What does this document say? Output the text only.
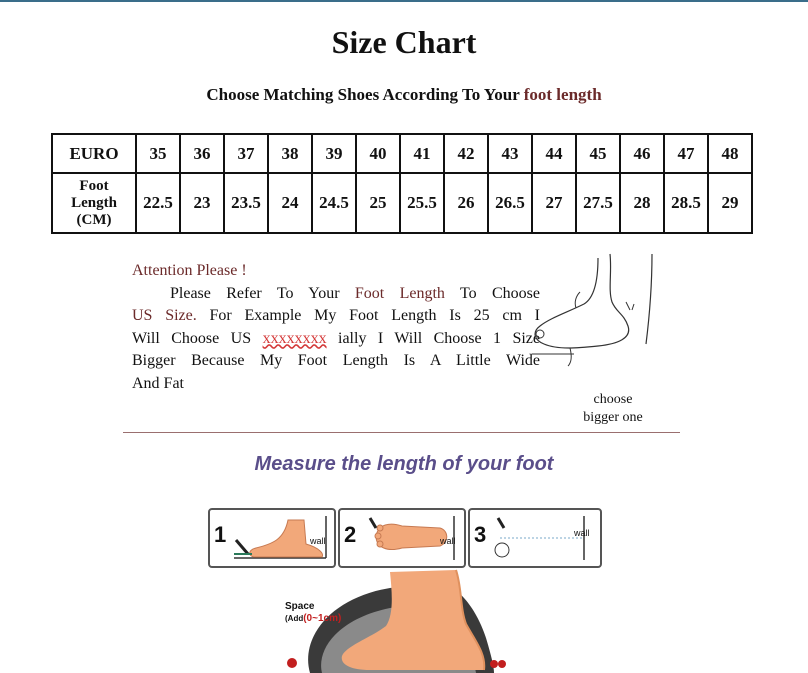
Size Chart
Choose Matching Shoes According To Your foot length
EURO	35	36	37	38	39	40	41	42	43	44	45	46	47	48
Foot
Length
(CM)	22.5	23	23.5	24	24.5	25	25.5	26	26.5	27	27.5	28	28.5	29
Attention Please !
Please Refer To Your Foot Length To Choose
US Size. For Example My Foot Length Is 25 cm I
Will Choose US xxxxxxxx ially I Will Choose 1 Size
Bigger Because My Foot Length Is A Little Wide
And Fat
choose
bigger one
Measure the length of your foot
1	wall 2	wall 3	wall
Space
(Add(0~1cm)
